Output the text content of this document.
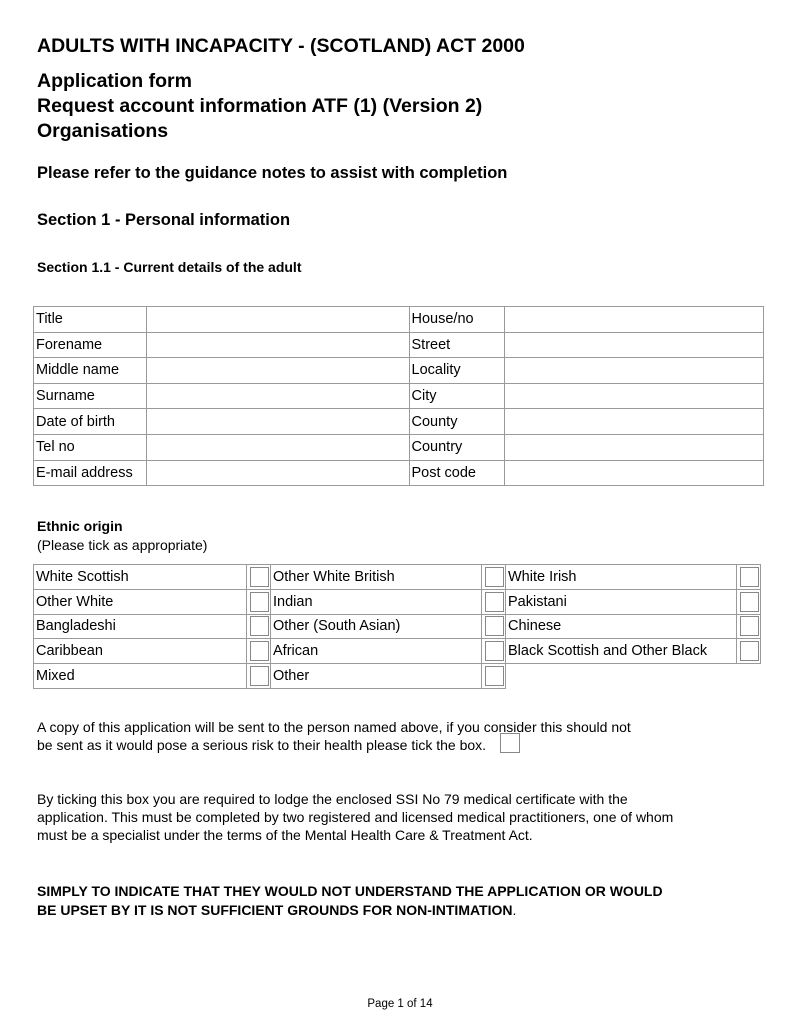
ADULTS WITH INCAPACITY - (SCOTLAND) ACT 2000
Application form
Request account information ATF (1) (Version 2)
Organisations
Please refer to the guidance notes to assist with completion
Section 1 - Personal information
Section 1.1 - Current details of the adult
Title		House/no	
Forename		Street	
Middle name		Locality	
Surname		City	
Date of birth		County	
Tel no		Country	
E-mail address		Post code	
Ethnic origin
(Please tick as appropriate)
White Scottish		Other White British		White Irish	
Other White		Indian		Pakistani	
Bangladeshi		Other (South Asian)		Chinese	
Caribbean		African		Black Scottish and Other Black	
Mixed		Other			
A copy of this application will be sent to the person named above, if you consider this should not
be sent as it would pose a serious risk to their health please tick the box.
By ticking this box you are required to lodge the enclosed SSI No 79 medical certificate with the
application. This must be completed by two registered and licensed medical practitioners, one of whom
must be a specialist under the terms of the Mental Health Care & Treatment Act.
SIMPLY TO INDICATE THAT THEY WOULD NOT UNDERSTAND THE APPLICATION OR WOULD
BE UPSET BY IT IS NOT SUFFICIENT GROUNDS FOR NON-INTIMATION.
Page 1 of 14
